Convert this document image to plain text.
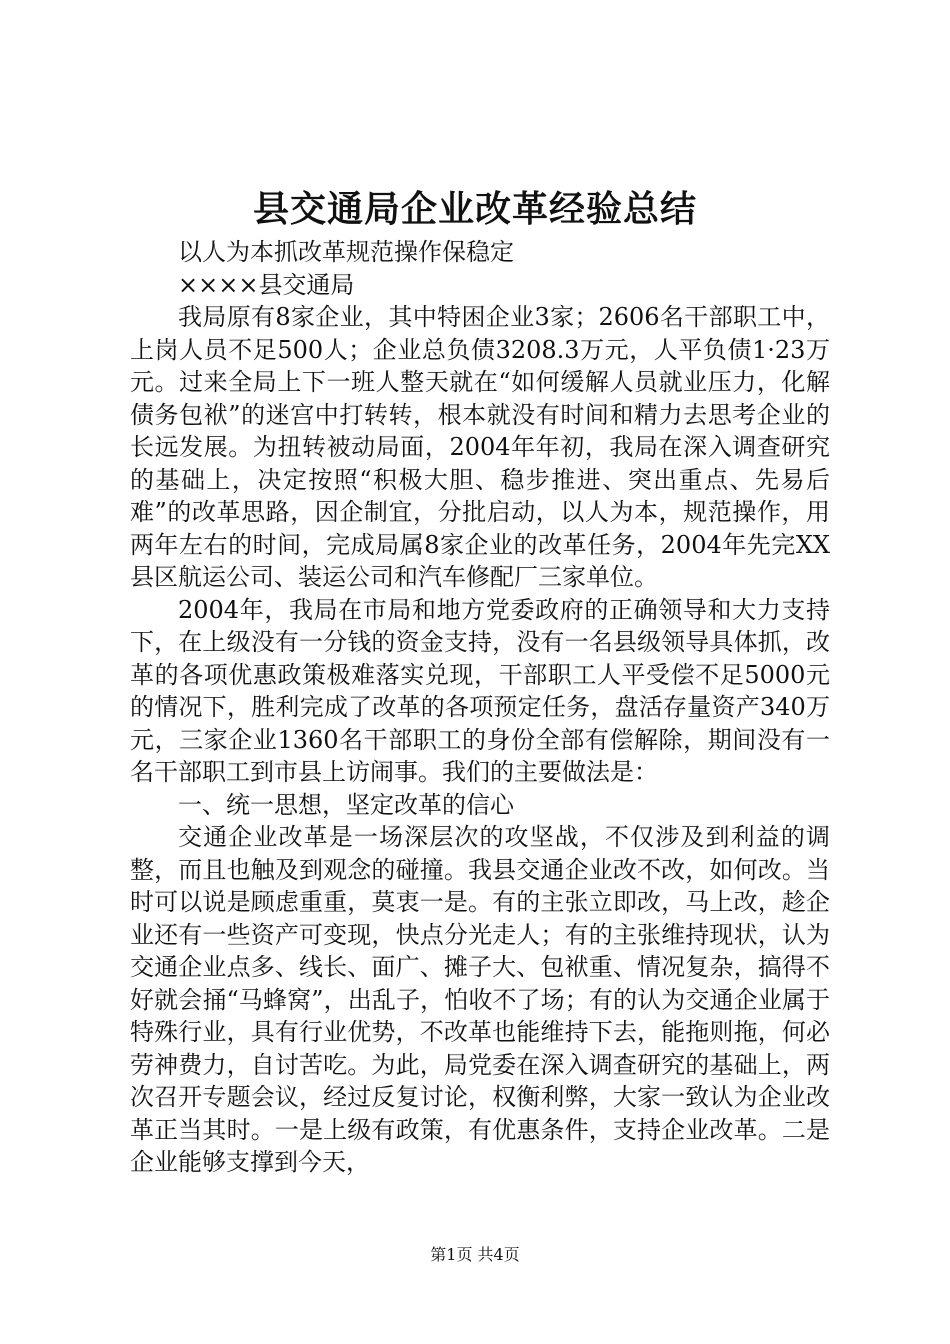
县交通局企业改革经验总结

以人为本抓改革规范操作保稳定

××××县交通局

我局原有8家企业，其中特困企业3家；2606名干部职工中，上岗人员不足500人；企业总负债3208.3万元，人平负债1·23万元。过来全局上下一班人整天就在“如何缓解人员就业压力，化解债务包袱”的迷宫中打转转，根本就没有时间和精力去思考企业的长远发展。为扭转被动局面，2004年年初，我局在深入调查研究的基础上，决定按照“积极大胆、稳步推进、突出重点、先易后难”的改革思路，因企制宜，分批启动，以人为本，规范操作，用两年左右的时间，完成局属8家企业的改革任务，2004年先完XX县区航运公司、装运公司和汽车修配厂三家单位。

2004年，我局在市局和地方党委政府的正确领导和大力支持下，在上级没有一分钱的资金支持，没有一名县级领导具体抓，改革的各项优惠政策极难落实兑现，干部职工人平受偿不足5000元的情况下，胜利完成了改革的各项预定任务，盘活存量资产340万元，三家企业1360名干部职工的身份全部有偿解除，期间没有一名干部职工到市县上访闹事。我们的主要做法是：

一、统一思想，坚定改革的信心

交通企业改革是一场深层次的攻坚战，不仅涉及到利益的调整，而且也触及到观念的碰撞。我县交通企业改不改，如何改。当时可以说是顾虑重重，莫衷一是。有的主张立即改，马上改，趁企业还有一些资产可变现，快点分光走人；有的主张维持现状，认为交通企业点多、线长、面广、摊子大、包袱重、情况复杂，搞得不好就会捅“马蜂窝”，出乱子，怕收不了场；有的认为交通企业属于特殊行业，具有行业优势，不改革也能维持下去，能拖则拖，何必劳神费力，自讨苦吃。为此，局党委在深入调查研究的基础上，两次召开专题会议，经过反复讨论，权衡利弊，大家一致认为企业改革正当其时。一是上级有政策，有优惠条件，支持企业改革。二是企业能够支撑到今天，

第1页 共4页
